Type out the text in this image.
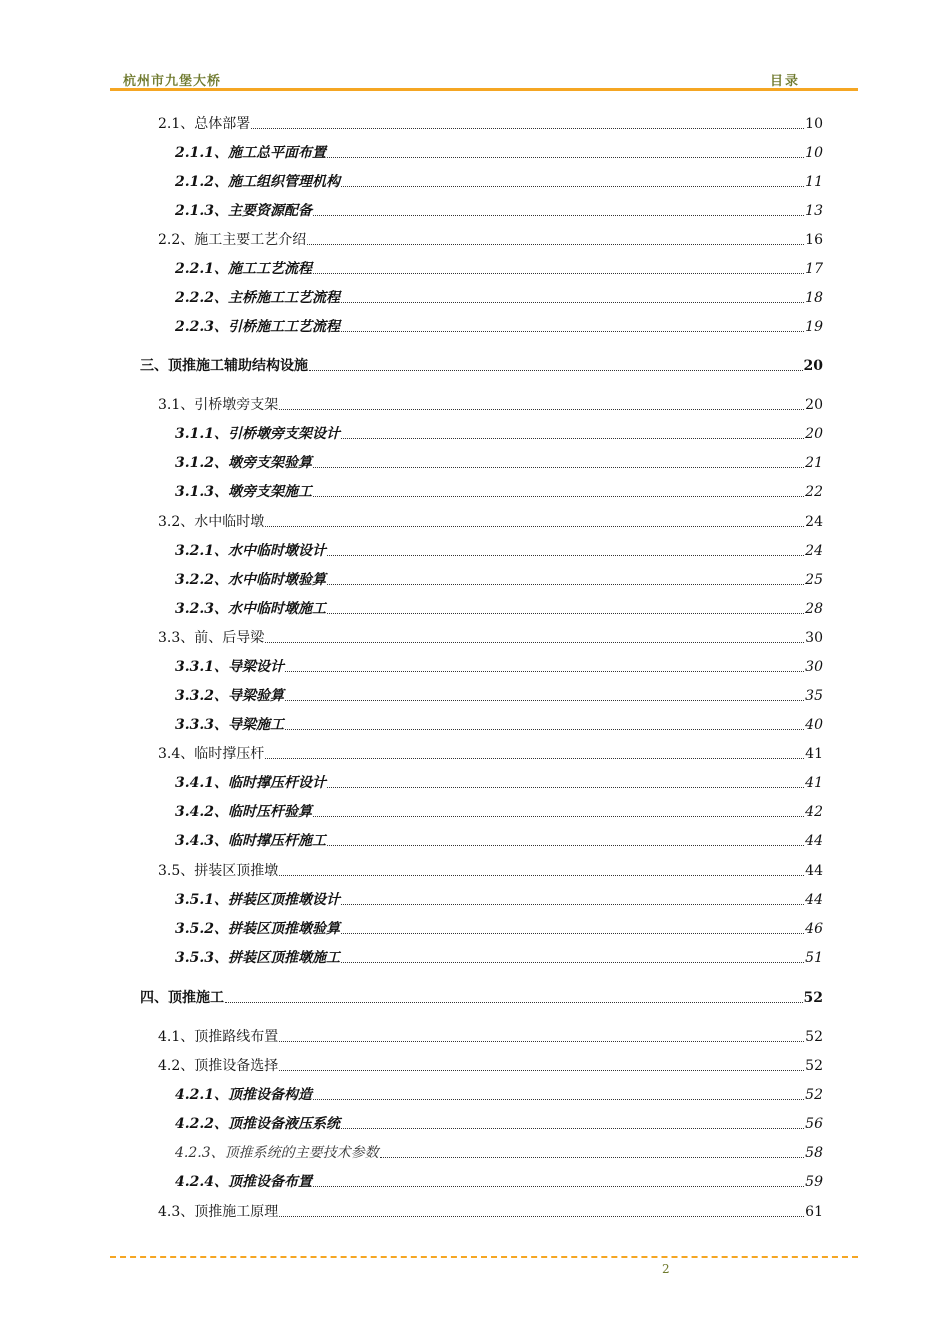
杭州市九堡大桥	目录
2.1、总体部署	10
2.1.1、施工总平面布置	10
2.1.2、施工组织管理机构	11
2.1.3、主要资源配备	13
2.2、施工主要工艺介绍	16
2.2.1、施工工艺流程	17
2.2.2、主桥施工工艺流程	18
2.2.3、引桥施工工艺流程	19
三、顶推施工辅助结构设施	20
3.1、引桥墩旁支架	20
3.1.1、引桥墩旁支架设计	20
3.1.2、墩旁支架验算	21
3.1.3、墩旁支架施工	22
3.2、水中临时墩	24
3.2.1、水中临时墩设计	24
3.2.2、水中临时墩验算	25
3.2.3、水中临时墩施工	28
3.3、前、后导梁	30
3.3.1、导梁设计	30
3.3.2、导梁验算	35
3.3.3、导梁施工	40
3.4、临时撑压杆	41
3.4.1、临时撑压杆设计	41
3.4.2、临时压杆验算	42
3.4.3、临时撑压杆施工	44
3.5、拼装区顶推墩	44
3.5.1、拼装区顶推墩设计	44
3.5.2、拼装区顶推墩验算	46
3.5.3、拼装区顶推墩施工	51
四、顶推施工	52
4.1、顶推路线布置	52
4.2、顶推设备选择	52
4.2.1、顶推设备构造	52
4.2.2、顶推设备液压系统	56
4.2.3、顶推系统的主要技术参数	58
4.2.4、顶推设备布置	59
4.3、顶推施工原理	61
2
